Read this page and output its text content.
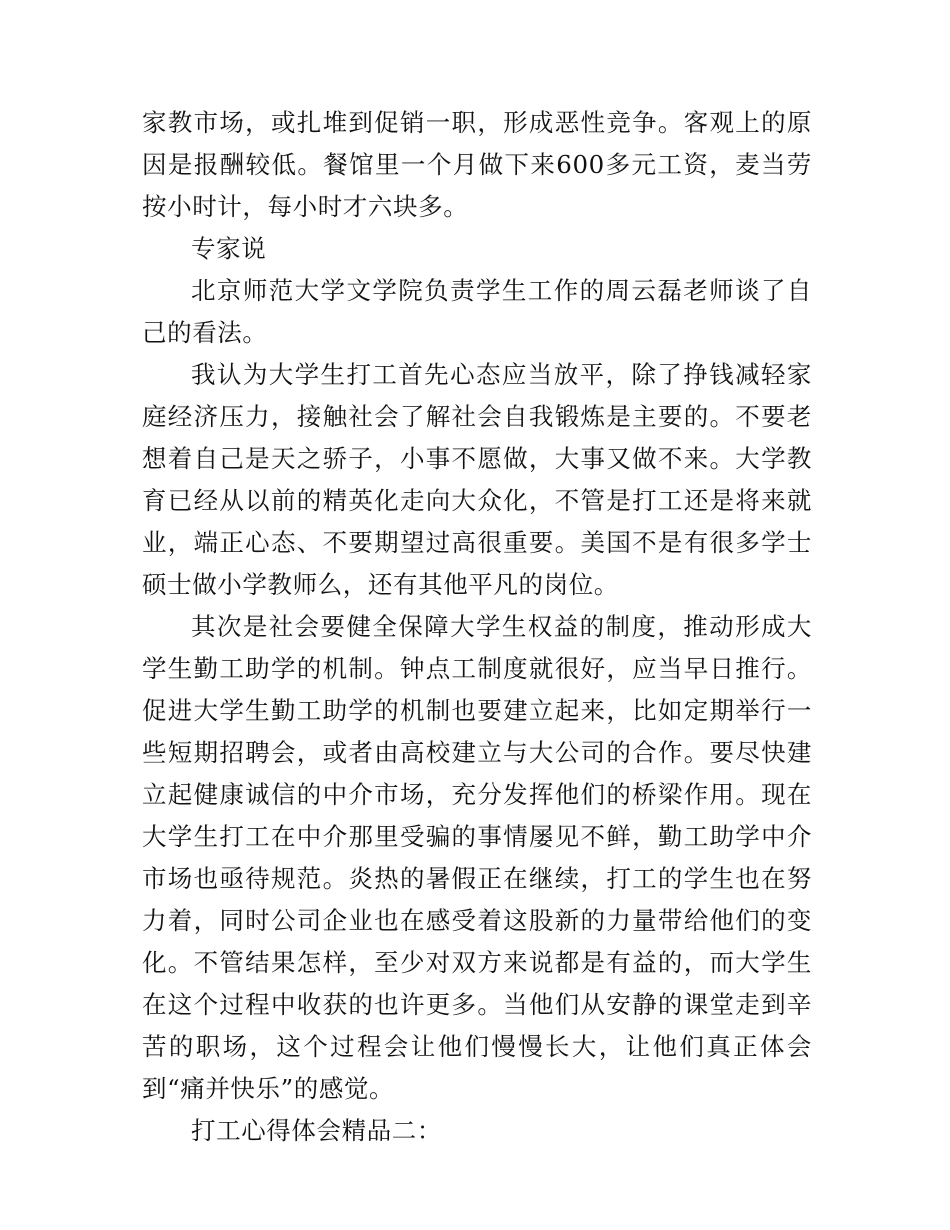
家教市场，或扎堆到促销一职，形成恶性竞争。客观上的原因是报酬较低。餐馆里一个月做下来600多元工资，麦当劳按小时计，每小时才六块多。

专家说

北京师范大学文学院负责学生工作的周云磊老师谈了自己的看法。

我认为大学生打工首先心态应当放平，除了挣钱减轻家庭经济压力，接触社会了解社会自我锻炼是主要的。不要老想着自己是天之骄子，小事不愿做，大事又做不来。大学教育已经从以前的精英化走向大众化，不管是打工还是将来就业，端正心态、不要期望过高很重要。美国不是有很多学士硕士做小学教师么，还有其他平凡的岗位。

其次是社会要健全保障大学生权益的制度，推动形成大学生勤工助学的机制。钟点工制度就很好，应当早日推行。促进大学生勤工助学的机制也要建立起来，比如定期举行一些短期招聘会，或者由高校建立与大公司的合作。要尽快建立起健康诚信的中介市场，充分发挥他们的桥梁作用。现在大学生打工在中介那里受骗的事情屡见不鲜，勤工助学中介市场也亟待规范。炎热的暑假正在继续，打工的学生也在努力着，同时公司企业也在感受着这股新的力量带给他们的变化。不管结果怎样，至少对双方来说都是有益的，而大学生在这个过程中收获的也许更多。当他们从安静的课堂走到辛苦的职场，这个过程会让他们慢慢长大，让他们真正体会到“痛并快乐”的感觉。

打工心得体会精品二：
